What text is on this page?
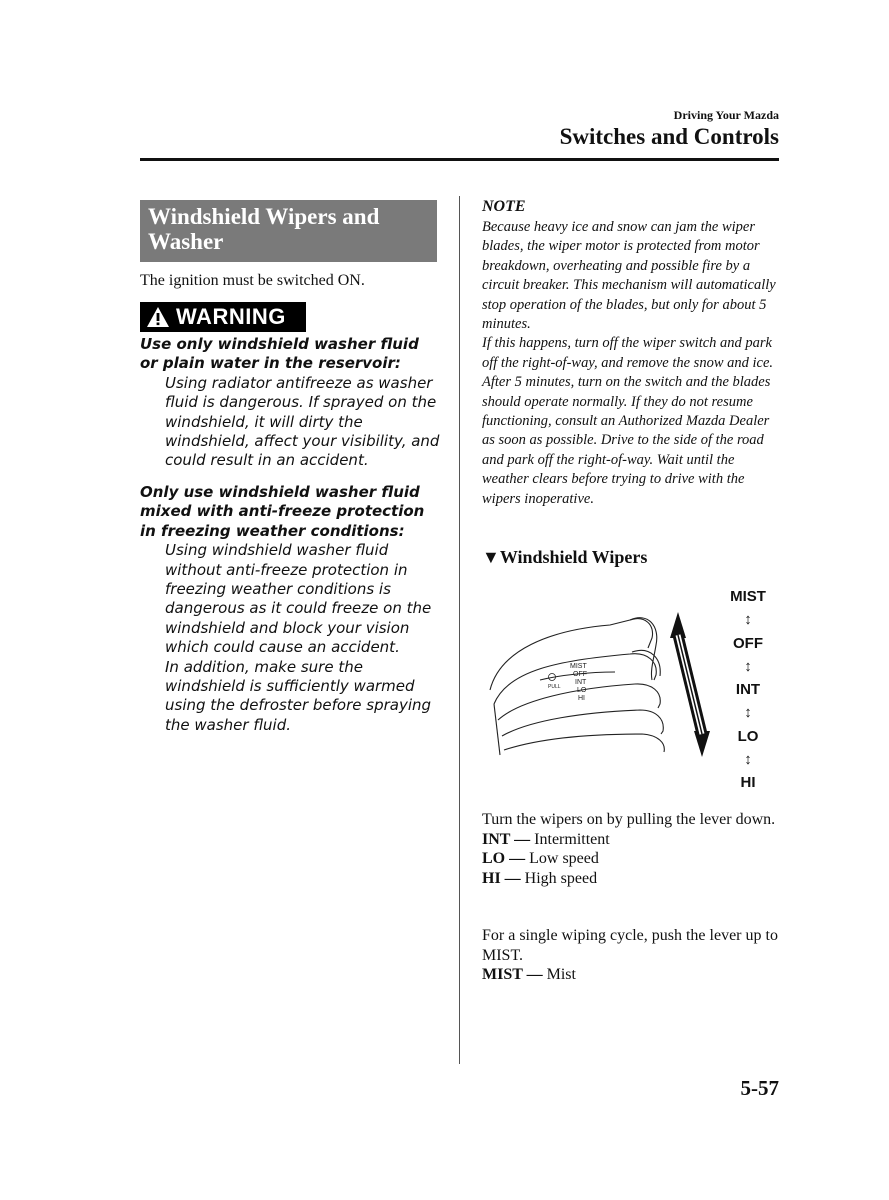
Driving Your Mazda
Switches and Controls
Windshield Wipers and Washer
The ignition must be switched ON.
WARNING
Use only windshield washer fluid or plain water in the reservoir:
Using radiator antifreeze as washer fluid is dangerous. If sprayed on the windshield, it will dirty the windshield, affect your visibility, and could result in an accident.
Only use windshield washer fluid mixed with anti-freeze protection in freezing weather conditions:
Using windshield washer fluid without anti-freeze protection in freezing weather conditions is dangerous as it could freeze on the windshield and block your vision which could cause an accident.
In addition, make sure the windshield is sufficiently warmed using the defroster before spraying the washer fluid.
NOTE
Because heavy ice and snow can jam the wiper blades, the wiper motor is protected from motor breakdown, overheating and possible fire by a circuit breaker. This mechanism will automatically stop operation of the blades, but only for about 5 minutes.
If this happens, turn off the wiper switch and park off the right-of-way, and remove the snow and ice.
After 5 minutes, turn on the switch and the blades should operate normally. If they do not resume functioning, consult an Authorized Mazda Dealer as soon as possible. Drive to the side of the road and park off the right-of-way. Wait until the weather clears before trying to drive with the wipers inoperative.
▼Windshield Wipers
MIST
OFF
INT
LO
HI
PULL
MIST
↕
OFF
↕
INT
↕
LO
↕
HI
Turn the wipers on by pulling the lever down.
INT — Intermittent
LO — Low speed
HI — High speed
For a single wiping cycle, push the lever up to MIST.
MIST — Mist
5-57
